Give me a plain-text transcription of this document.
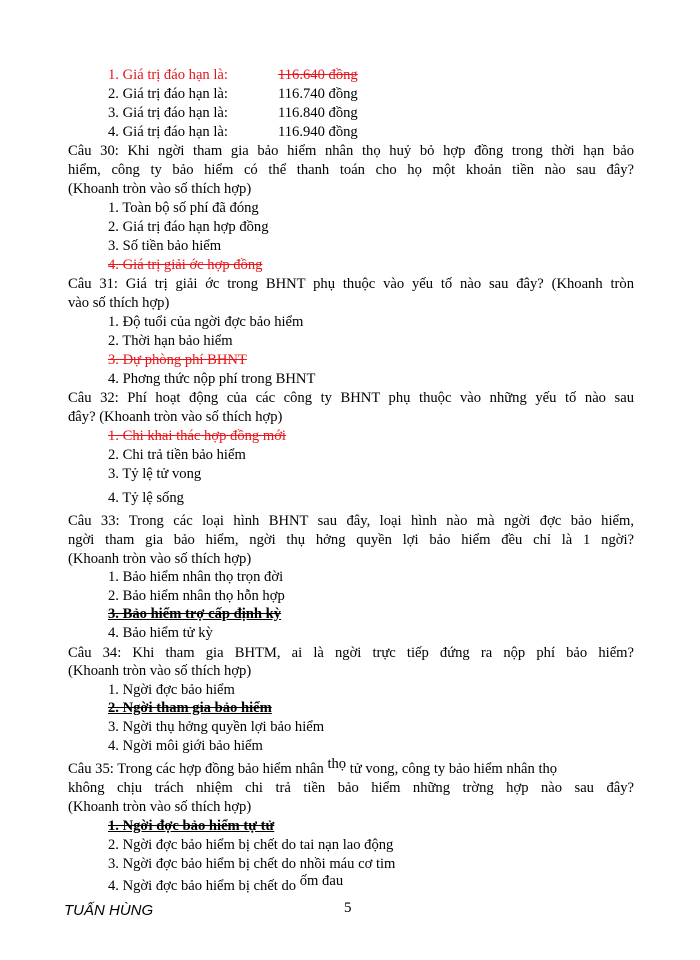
1. Giá trị đáo hạn là:	116.640 đồng
2. Giá trị đáo hạn là:	116.740 đồng
3. Giá trị đáo hạn là:	116.840 đồng
4. Giá trị đáo hạn là:	116.940 đồng
Câu 30: Khi ngời tham gia bảo hiểm nhân thọ huỷ bỏ hợp đồng trong thời hạn bảo
hiểm, công ty bảo hiểm có thể thanh toán cho họ một khoản tiền nào sau đây?
(Khoanh tròn vào số thích hợp)
1. Toàn bộ số phí đã đóng
2. Giá trị đáo hạn hợp đồng
3. Số tiền bảo hiểm
4. Giá trị giải ớc hợp đồng
Câu 31: Giá trị giải ớc trong BHNT phụ thuộc vào yếu tố nào sau đây? (Khoanh tròn
vào số thích hợp)
1. Độ tuổi của ngời đợc bảo hiểm
2. Thời hạn bảo hiểm
3. Dự phòng phí BHNT
4. Phơng thức nộp phí trong BHNT
Câu 32: Phí hoạt động của các công ty BHNT phụ thuộc vào những yếu tố nào sau
đây? (Khoanh tròn vào số thích hợp)
1. Chi khai thác hợp đồng mới
2. Chi trả tiền bảo hiểm
3. Tỷ lệ tử vong
4. Tỷ lệ sống
Câu 33: Trong các loại hình BHNT sau đây, loại hình nào mà ngời đợc bảo hiểm,
ngời tham gia bảo hiểm, ngời thụ hởng quyền lợi bảo hiểm đều chỉ là 1 ngời?
(Khoanh tròn vào số thích hợp)
1. Bảo hiểm nhân thọ trọn đời
2. Bảo hiểm nhân thọ hỗn hợp
3. Bảo hiểm trợ cấp định kỳ
4. Bảo hiểm tử kỳ
Câu 34: Khi tham gia BHTM, ai là ngời trực tiếp đứng ra nộp phí bảo hiểm?
(Khoanh tròn vào số thích hợp)
1. Ngời đợc bảo hiểm
2. Ngời tham gia bảo hiểm
3. Ngời thụ hởng quyền lợi bảo hiểm
4. Ngời môi giới bảo hiểm
Câu 35: Trong các hợp đồng bảo hiểm nhân thọ tử vong, công ty bảo hiểm nhân thọ
không chịu trách nhiệm chi trả tiền bảo hiểm những trờng hợp nào sau đây?
(Khoanh tròn vào số thích hợp)
1. Ngời đợc bảo hiểm tự tử
2. Ngời đợc bảo hiểm bị chết do tai nạn lao động
3. Ngời đợc bảo hiểm bị chết do nhồi máu cơ tim
4. Ngời đợc bảo hiểm bị chết do ốm đau
TUẤN HÙNG	5
